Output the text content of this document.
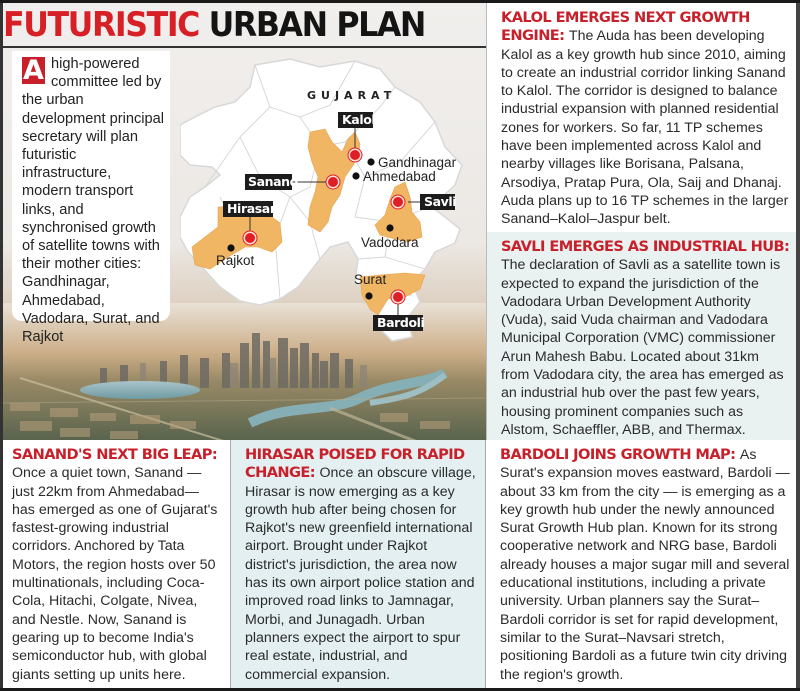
GUJARAT
Kalol
Sanand
Savli
Hirasar
Bardoli
Gandhinagar
Ahmedabad
Vadodara
Rajkot
Surat
FUTURISTIC URBAN PLAN
A high-powered committee led by the urban development principal secretary will plan futuristic infrastructure, modern transport links, and synchronised growth of satellite towns with their mother cities: Gandhinagar, Ahmedabad, Vadodara, Surat, and Rajkot
KALOL EMERGES NEXT GROWTH ENGINE: The Auda has been developing Kalol as a key growth hub since 2010, aiming to create an industrial corridor linking Sanand to Kalol. The corridor is designed to balance industrial expansion with planned residential zones for workers. So far, 11 TP schemes have been implemented across Kalol and nearby villages like Borisana, Palsana, Arsodiya, Pratap Pura, Ola, Saij and Dhanaj. Auda plans up to 16 TP schemes in the larger Sanand–Kalol–Jaspur belt.
SAVLI EMERGES AS INDUSTRIAL HUB:
The declaration of Savli as a satellite town is expected to expand the jurisdiction of the Vadodara Urban Development Authority (Vuda), said Vuda chairman and Vadodara Municipal Corporation (VMC) commissioner Arun Mahesh Babu. Located about 31km from Vadodara city, the area has emerged as an industrial hub over the past few years, housing prominent companies such as Alstom, Schaeffler, ABB, and Thermax.
SANAND'S NEXT BIG LEAP:
Once a quiet town, Sanand — just 22km from Ahmedabad— has emerged as one of Gujarat's fastest-growing industrial corridors. Anchored by Tata Motors, the region hosts over 50 multinationals, including Coca-Cola, Hitachi, Colgate, Nivea, and Nestle. Now, Sanand is gearing up to become India's semiconductor hub, with global giants setting up units here.
HIRASAR POISED FOR RAPID CHANGE: Once an obscure village, Hirasar is now emerging as a key growth hub after being chosen for Rajkot's new greenfield international airport. Brought under Rajkot district's jurisdiction, the area now has its own airport police station and improved road links to Jamnagar, Morbi, and Junagadh. Urban planners expect the airport to spur real estate, industrial, and commercial expansion.
BARDOLI JOINS GROWTH MAP: As Surat's expansion moves eastward, Bardoli — about 33 km from the city — is emerging as a key growth hub under the newly announced Surat Growth Hub plan. Known for its strong cooperative network and NRG base, Bardoli already houses a major sugar mill and several educational institutions, including a private university. Urban planners say the Surat–Bardoli corridor is set for rapid development, similar to the Surat–Navsari stretch, positioning Bardoli as a future twin city driving the region's growth.
